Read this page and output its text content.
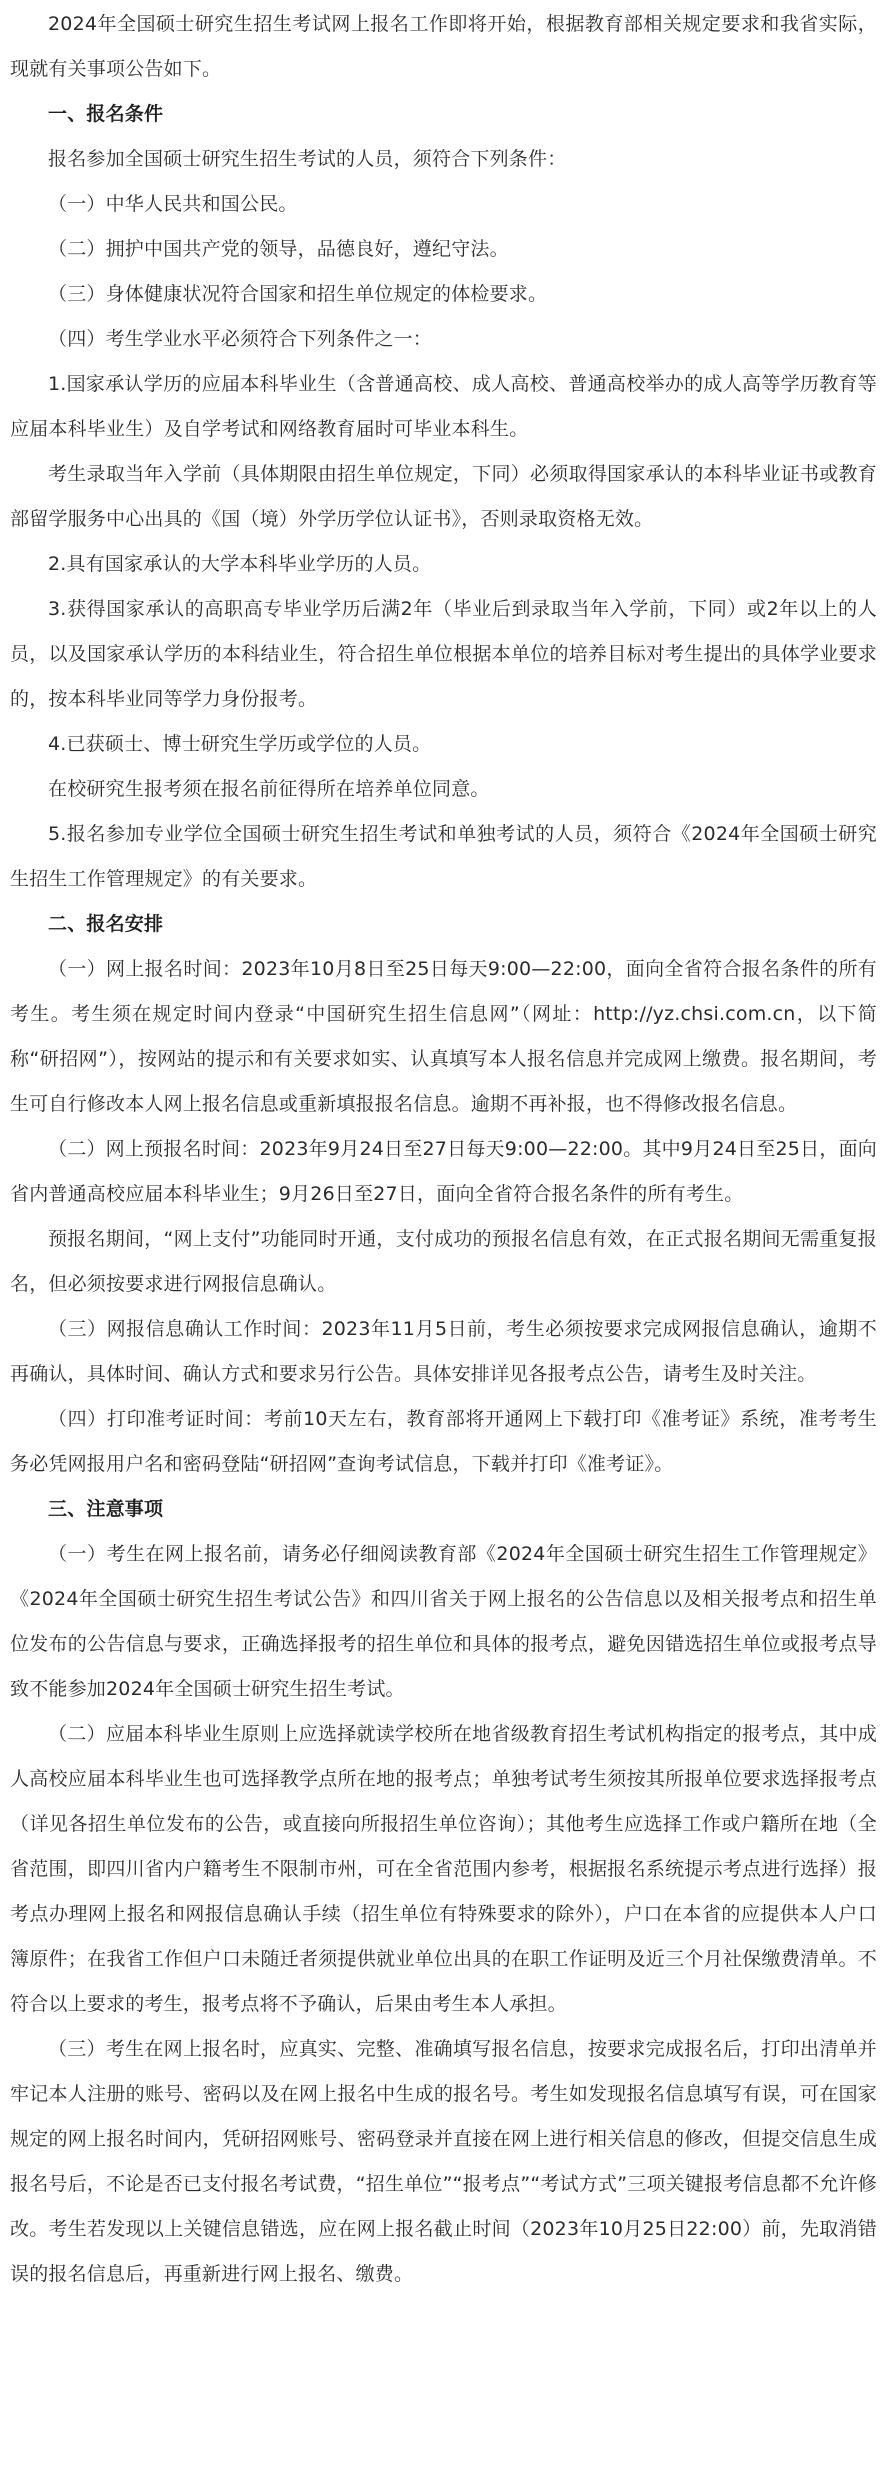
2024年全国硕士研究生招生考试网上报名工作即将开始，根据教育部相关规定要求和我省实际，现就有关事项公告如下。

一、报名条件

报名参加全国硕士研究生招生考试的人员，须符合下列条件：

（一）中华人民共和国公民。

（二）拥护中国共产党的领导，品德良好，遵纪守法。

（三）身体健康状况符合国家和招生单位规定的体检要求。

（四）考生学业水平必须符合下列条件之一：

1.国家承认学历的应届本科毕业生（含普通高校、成人高校、普通高校举办的成人高等学历教育等应届本科毕业生）及自学考试和网络教育届时可毕业本科生。

考生录取当年入学前（具体期限由招生单位规定，下同）必须取得国家承认的本科毕业证书或教育部留学服务中心出具的《国（境）外学历学位认证书》，否则录取资格无效。

2.具有国家承认的大学本科毕业学历的人员。

3.获得国家承认的高职高专毕业学历后满2年（毕业后到录取当年入学前，下同）或2年以上的人员，以及国家承认学历的本科结业生，符合招生单位根据本单位的培养目标对考生提出的具体学业要求的，按本科毕业同等学力身份报考。

4.已获硕士、博士研究生学历或学位的人员。

在校研究生报考须在报名前征得所在培养单位同意。

5.报名参加专业学位全国硕士研究生招生考试和单独考试的人员，须符合《2024年全国硕士研究生招生工作管理规定》的有关要求。

二、报名安排

（一）网上报名时间：2023年10月8日至25日每天9:00—22:00，面向全省符合报名条件的所有考生。考生须在规定时间内登录“中国研究生招生信息网”（网址：http://yz.chsi.com.cn，以下简称“研招网”），按网站的提示和有关要求如实、认真填写本人报名信息并完成网上缴费。报名期间，考生可自行修改本人网上报名信息或重新填报报名信息。逾期不再补报，也不得修改报名信息。

（二）网上预报名时间：2023年9月24日至27日每天9:00—22:00。其中9月24日至25日，面向省内普通高校应届本科毕业生；9月26日至27日，面向全省符合报名条件的所有考生。

预报名期间，“网上支付”功能同时开通，支付成功的预报名信息有效，在正式报名期间无需重复报名，但必须按要求进行网报信息确认。

（三）网报信息确认工作时间：2023年11月5日前，考生必须按要求完成网报信息确认，逾期不再确认，具体时间、确认方式和要求另行公告。具体安排详见各报考点公告，请考生及时关注。

（四）打印准考证时间：考前10天左右，教育部将开通网上下载打印《准考证》系统，准考考生务必凭网报用户名和密码登陆“研招网”查询考试信息，下载并打印《准考证》。

三、注意事项

（一）考生在网上报名前，请务必仔细阅读教育部《2024年全国硕士研究生招生工作管理规定》《2024年全国硕士研究生招生考试公告》和四川省关于网上报名的公告信息以及相关报考点和招生单位发布的公告信息与要求，正确选择报考的招生单位和具体的报考点，避免因错选招生单位或报考点导致不能参加2024年全国硕士研究生招生考试。

（二）应届本科毕业生原则上应选择就读学校所在地省级教育招生考试机构指定的报考点，其中成人高校应届本科毕业生也可选择教学点所在地的报考点；单独考试考生须按其所报单位要求选择报考点（详见各招生单位发布的公告，或直接向所报招生单位咨询）；其他考生应选择工作或户籍所在地（全省范围，即四川省内户籍考生不限制市州，可在全省范围内参考，根据报名系统提示考点进行选择）报考点办理网上报名和网报信息确认手续（招生单位有特殊要求的除外），户口在本省的应提供本人户口簿原件；在我省工作但户口未随迁者须提供就业单位出具的在职工作证明及近三个月社保缴费清单。不符合以上要求的考生，报考点将不予确认，后果由考生本人承担。

（三）考生在网上报名时，应真实、完整、准确填写报名信息，按要求完成报名后，打印出清单并牢记本人注册的账号、密码以及在网上报名中生成的报名号。考生如发现报名信息填写有误，可在国家规定的网上报名时间内，凭研招网账号、密码登录并直接在网上进行相关信息的修改，但提交信息生成报名号后，不论是否已支付报名考试费，“招生单位”“报考点”“考试方式”三项关键报考信息都不允许修改。考生若发现以上关键信息错选，应在网上报名截止时间（2023年10月25日22:00）前，先取消错误的报名信息后，再重新进行网上报名、缴费。
